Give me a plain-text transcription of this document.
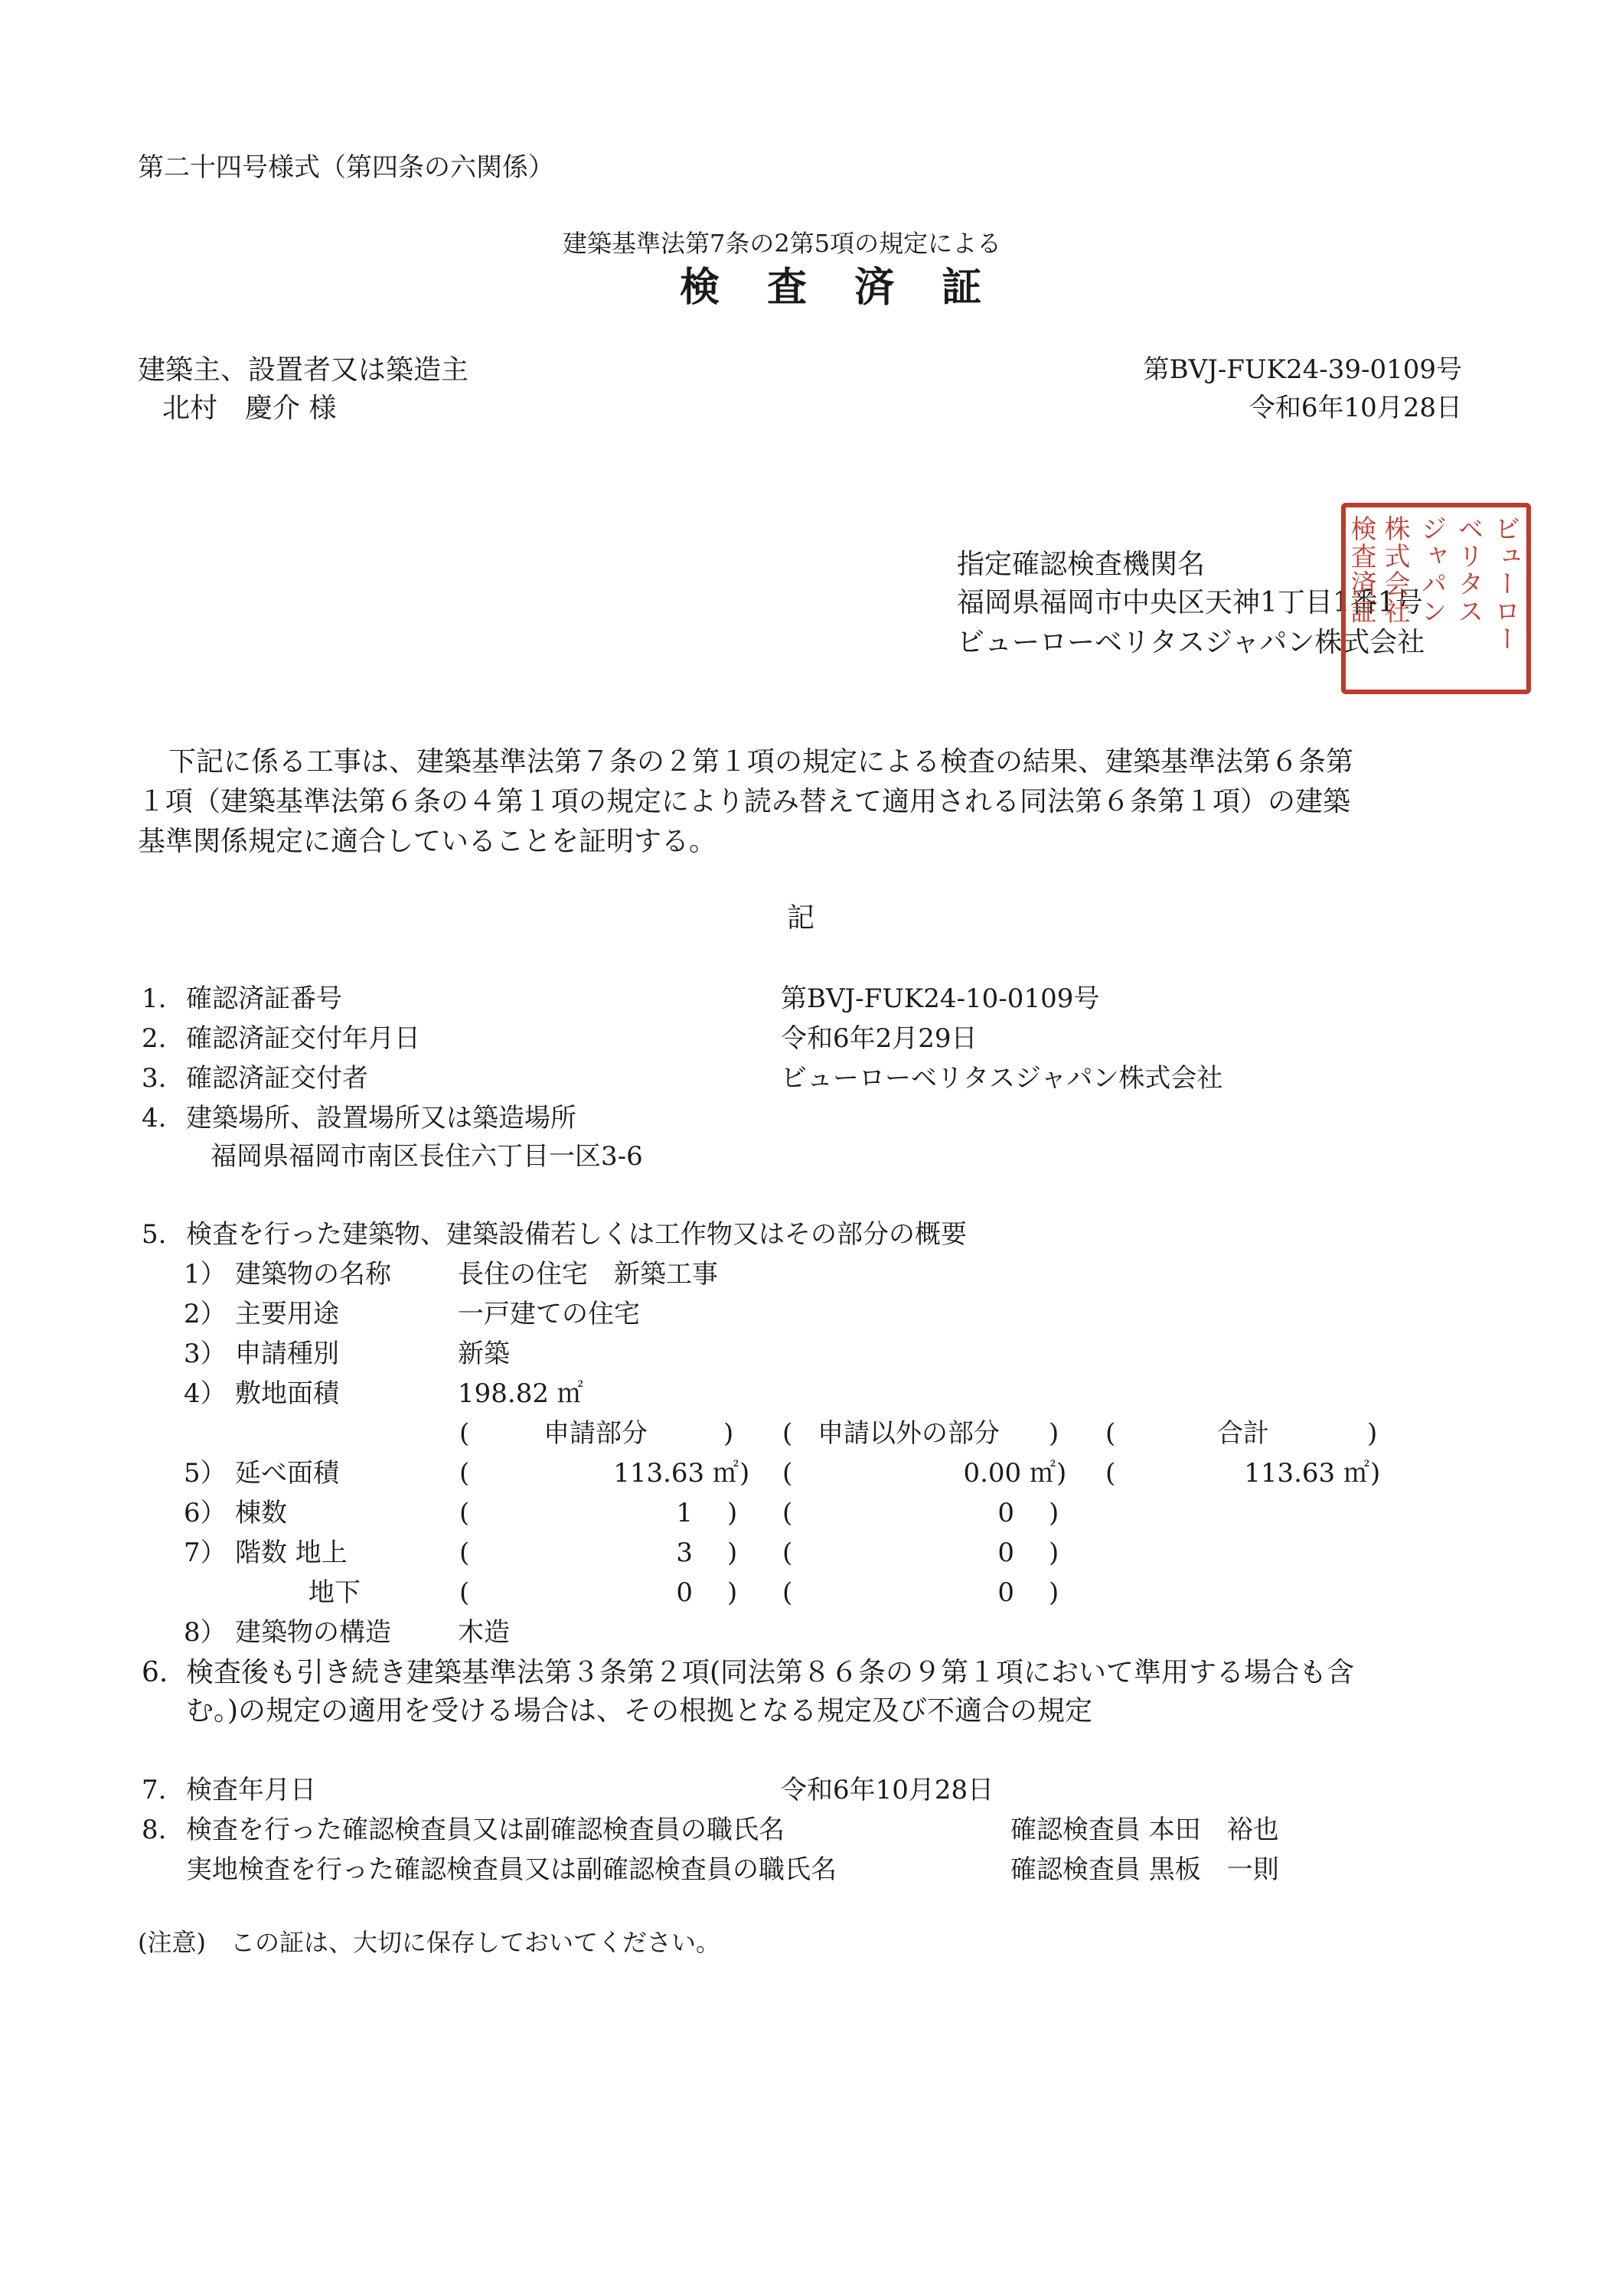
第二十四号様式（第四条の六関係）
建築基準法第7条の2第5項の規定による
検 査 済 証
建築主、設置者又は築造主
北村　慶介 様
第BVJ-FUK24-39-0109号
令和6年10月28日
指定確認検査機関名
福岡県福岡市中央区天神1丁目1番1号
ビューローベリタスジャパン株式会社 ビューロー
ベリタス
ジャパン
株式会社
検査済証
下記に係る工事は、建築基準法第７条の２第１項の規定による検査の結果、建築基準法第６条第
１項（建築基準法第６条の４第１項の規定により読み替えて適用される同法第６条第１項）の建築
基準関係規定に適合していることを証明する。
記
1. 確認済証番号	第BVJ-FUK24-10-0109号
2. 確認済証交付年月日	令和6年2月29日
3. 確認済証交付者	ビューローベリタスジャパン株式会社
4. 建築場所、設置場所又は築造場所
福岡県福岡市南区長住六丁目一区3-6
5. 検査を行った建築物、建築設備若しくは工作物又はその部分の概要
1） 建築物の名称	長住の住宅　新築工事
2） 主要用途	一戸建ての住宅
3） 申請種別	新築
4） 敷地面積	198.82 ㎡
(	申請部分	) ( 申請以外の部分 ) (	合計	)
5） 延べ面積	(	113.63 ㎡ ) (	0.00 ㎡ ) (	113.63 ㎡ )
6） 棟数	(	1 ) (	0 )
7） 階数 地上	(	3 ) (	0 )
地下	(	0 ) (	0 )
8） 建築物の構造	木造
6. 検査後も引き続き建築基準法第３条第２項(同法第８６条の９第１項において準用する場合も含
む。)の規定の適用を受ける場合は、その根拠となる規定及び不適合の規定
7. 検査年月日	令和6年10月28日
8. 検査を行った確認検査員又は副確認検査員の職氏名	確認検査員 本田　裕也
実地検査を行った確認検査員又は副確認検査員の職氏名	確認検査員 黒板　一則
(注意)　この証は、大切に保存しておいてください。
